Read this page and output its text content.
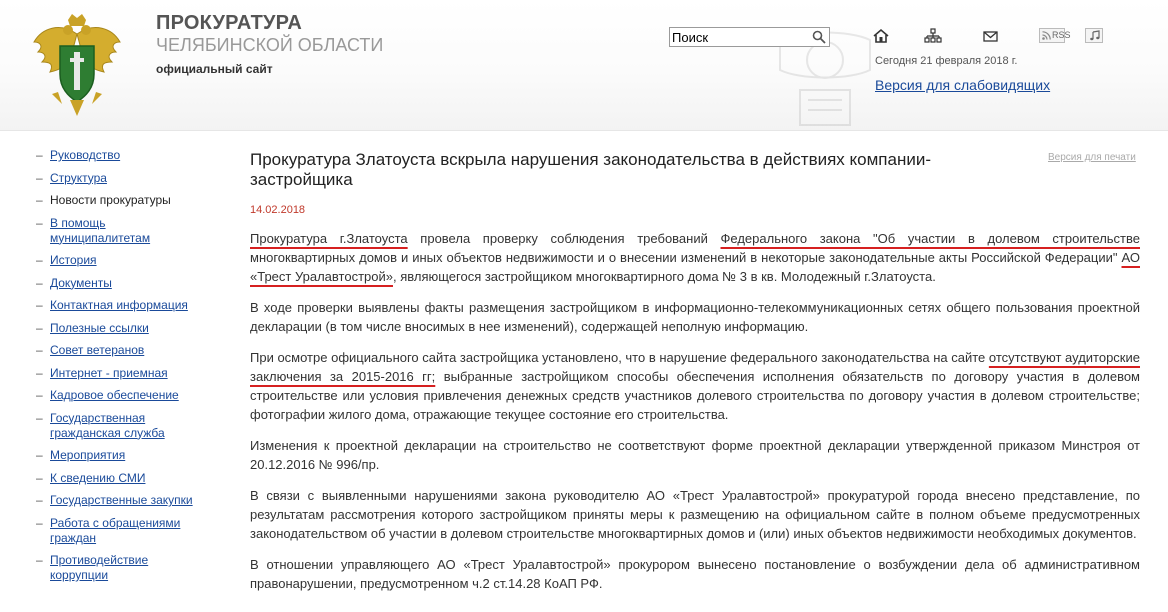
ПРОКУРАТУРА
ЧЕЛЯБИНСКОЙ ОБЛАСТИ
официальный сайт
Поиск
RSS
Сегодня 21 февраля 2018 г.
Версия для слабовидящих
– Руководство
– Структура
– Новости прокуратуры
– В помощь муниципалитетам
– История
– Документы
– Контактная информация
– Полезные ссылки
– Совет ветеранов
– Интернет - приемная
– Кадровое обеспечение
– Государственная гражданская служба
– Мероприятия
– К сведению СМИ
– Государственные закупки
– Работа с обращениями граждан
– Противодействие коррупции
Прокуратура Златоуста вскрыла нарушения законодательства в действиях компании-застройщика
Версия для печати
14.02.2018

Прокуратура г.Златоуста провела проверку соблюдения требований Федерального закона "Об участии в долевом строительстве многоквартирных домов и иных объектов недвижимости и о внесении изменений в некоторые законодательные акты Российской Федерации" АО «Трест Уралавтострой», являющегося застройщиком многоквартирного дома № 3 в кв. Молодежный г.Златоуста.

В ходе проверки выявлены факты размещения застройщиком в информационно-телекоммуникационных сетях общего пользования проектной декларации (в том числе вносимых в нее изменений), содержащей неполную информацию.

При осмотре официального сайта застройщика установлено, что в нарушение федерального законодательства на сайте отсутствуют аудиторские заключения за 2015-2016 гг; выбранные застройщиком способы обеспечения исполнения обязательств по договору участия в долевом строительстве или условия привлечения денежных средств участников долевого строительства по договору участия в долевом строительстве; фотографии жилого дома, отражающие текущее состояние его строительства.

Изменения к проектной декларации на строительство не соответствуют форме проектной декларации утвержденной приказом Минстроя от 20.12.2016 № 996/пр.

В связи с выявленными нарушениями закона руководителю АО «Трест Уралавтострой» прокуратурой города внесено представление, по результатам рассмотрения которого застройщиком приняты меры к размещению на официальном сайте в полном объеме предусмотренных законодательством об участии в долевом строительстве многоквартирных домов и (или) иных объектов недвижимости необходимых документов.

В отношении управляющего АО «Трест Уралавтострой» прокурором вынесено постановление о возбуждении дела об административном правонарушении, предусмотренном ч.2 ст.14.28 КоАП РФ.
